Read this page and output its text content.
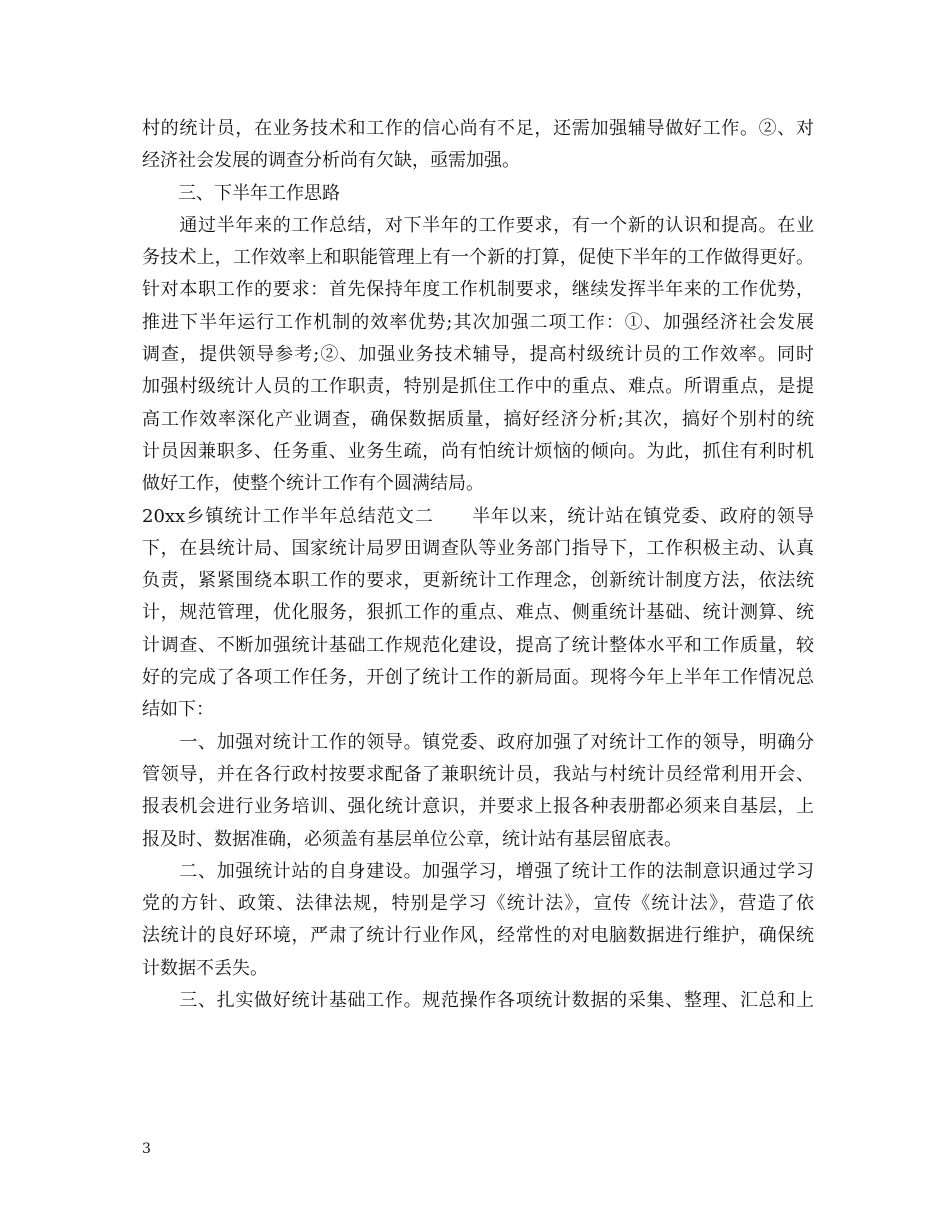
村的统计员，在业务技术和工作的信心尚有不足，还需加强辅导做好工作。②、对
经济社会发展的调查分析尚有欠缺，亟需加强。
　　三、下半年工作思路
　　通过半年来的工作总结，对下半年的工作要求，有一个新的认识和提高。在业
务技术上，工作效率上和职能管理上有一个新的打算，促使下半年的工作做得更好。
针对本职工作的要求：首先保持年度工作机制要求，继续发挥半年来的工作优势，
推进下半年运行工作机制的效率优势;其次加强二项工作：①、加强经济社会发展
调查，提供领导参考;②、加强业务技术辅导，提高村级统计员的工作效率。同时
加强村级统计人员的工作职责，特别是抓住工作中的重点、难点。所谓重点，是提
高工作效率深化产业调查，确保数据质量，搞好经济分析;其次，搞好个别村的统
计员因兼职多、任务重、业务生疏，尚有怕统计烦恼的倾向。为此，抓住有利时机
做好工作，使整个统计工作有个圆满结局。
20xx乡镇统计工作半年总结范文二　　半年以来，统计站在镇党委、政府的领导
下，在县统计局、国家统计局罗田调查队等业务部门指导下，工作积极主动、认真
负责，紧紧围绕本职工作的要求，更新统计工作理念，创新统计制度方法，依法统
计，规范管理，优化服务，狠抓工作的重点、难点、侧重统计基础、统计测算、统
计调查、不断加强统计基础工作规范化建设，提高了统计整体水平和工作质量，较
好的完成了各项工作任务，开创了统计工作的新局面。现将今年上半年工作情况总
结如下：
　　一、加强对统计工作的领导。镇党委、政府加强了对统计工作的领导，明确分
管领导，并在各行政村按要求配备了兼职统计员，我站与村统计员经常利用开会、
报表机会进行业务培训、强化统计意识，并要求上报各种表册都必须来自基层，上
报及时、数据准确，必须盖有基层单位公章，统计站有基层留底表。
　　二、加强统计站的自身建设。加强学习，增强了统计工作的法制意识通过学习
党的方针、政策、法律法规，特别是学习《统计法》，宣传《统计法》，营造了依
法统计的良好环境，严肃了统计行业作风，经常性的对电脑数据进行维护，确保统
计数据不丢失。
　　三、扎实做好统计基础工作。规范操作各项统计数据的采集、整理、汇总和上
3
